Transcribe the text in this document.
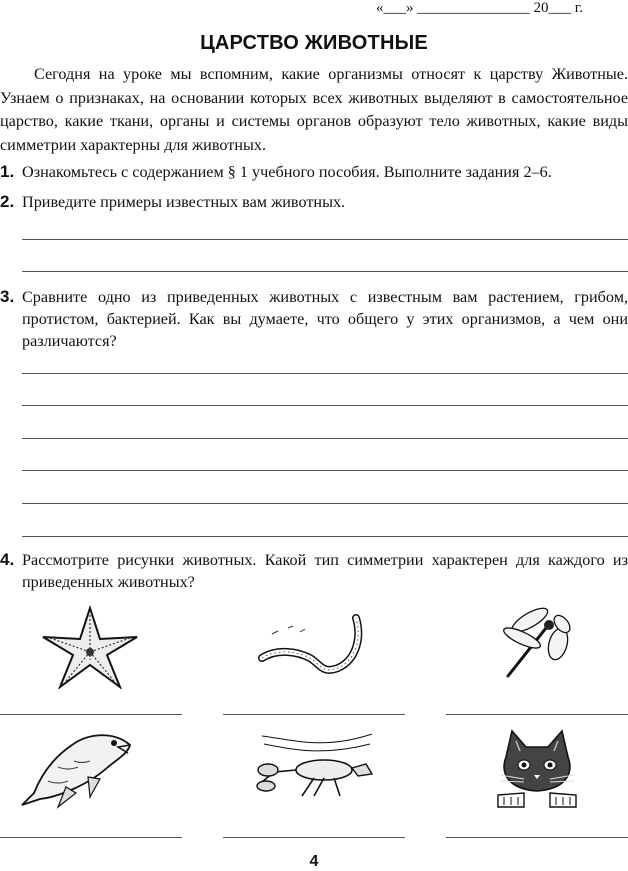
«___» _______________ 20___ г.
ЦАРСТВО ЖИВОТНЫЕ

Сегодня на уроке мы вспомним, какие организмы относят к царству Животные. Узнаем о признаках, на основании которых всех животных выделяют в самостоятельное царство, какие ткани, органы и системы органов образуют тело животных, какие виды симметрии характерны для животных.

1. Ознакомьтесь с содержанием § 1 учебного пособия. Выполните задания 2–6.
2. Приведите примеры известных вам животных.
3. Сравните одно из приведенных животных с известным вам растением, грибом, протистом, бактерией. Как вы думаете, что общего у этих организмов, а чем они различаются?
4. Рассмотрите рисунки животных. Какой тип симметрии характерен для каждого из приведенных животных?
4
